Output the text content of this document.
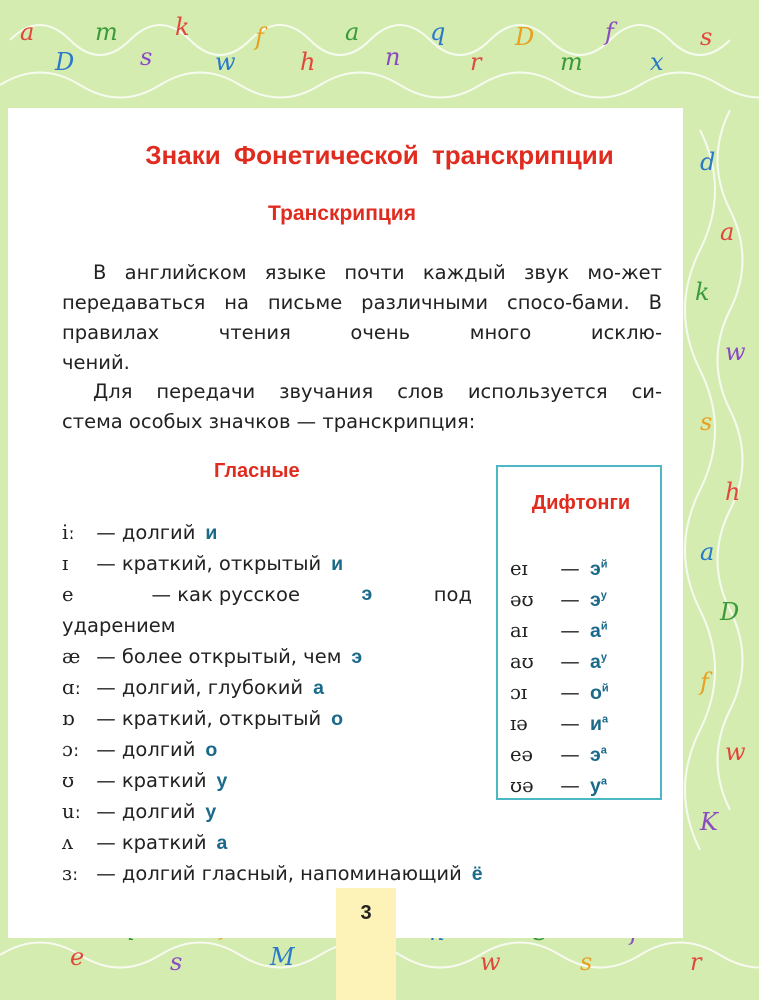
a
D
m
s
k
w
f
h
a
n
q
r
D
m
f
x
s
d
a
k
w
s
h
a
D
f
w
K
e	s	M	w	s	r
Знаки Фонетической транскрипции
Транскрипция

В английском языке почти каждый звук мо-жет передаваться на письме различными спосо-бами. В правилах чтения очень много исклю-
чений.

Для передачи звучания слов используется си-
стема особых значков — транскрипция:

Гласные
iː — долгий и
ɪ — краткий, открытый и
e	— как русское	э	под
ударением
æ — более открытый, чем э
ɑː — долгий, глубокий а
ɒ — краткий, открытый о
ɔː — долгий о
ʊ — краткий у
uː — долгий у
ʌ — краткий а
ɜː — долгий гласный, напоминающий ё
Дифтонги
eɪ — $э^й$
əʊ — $э^у$
aɪ — $а^й$
aʊ — $а^у$
ɔɪ — $о^й$
ɪə — $и^а$
eə — $э^а$
ʊə — $у^а$
3
